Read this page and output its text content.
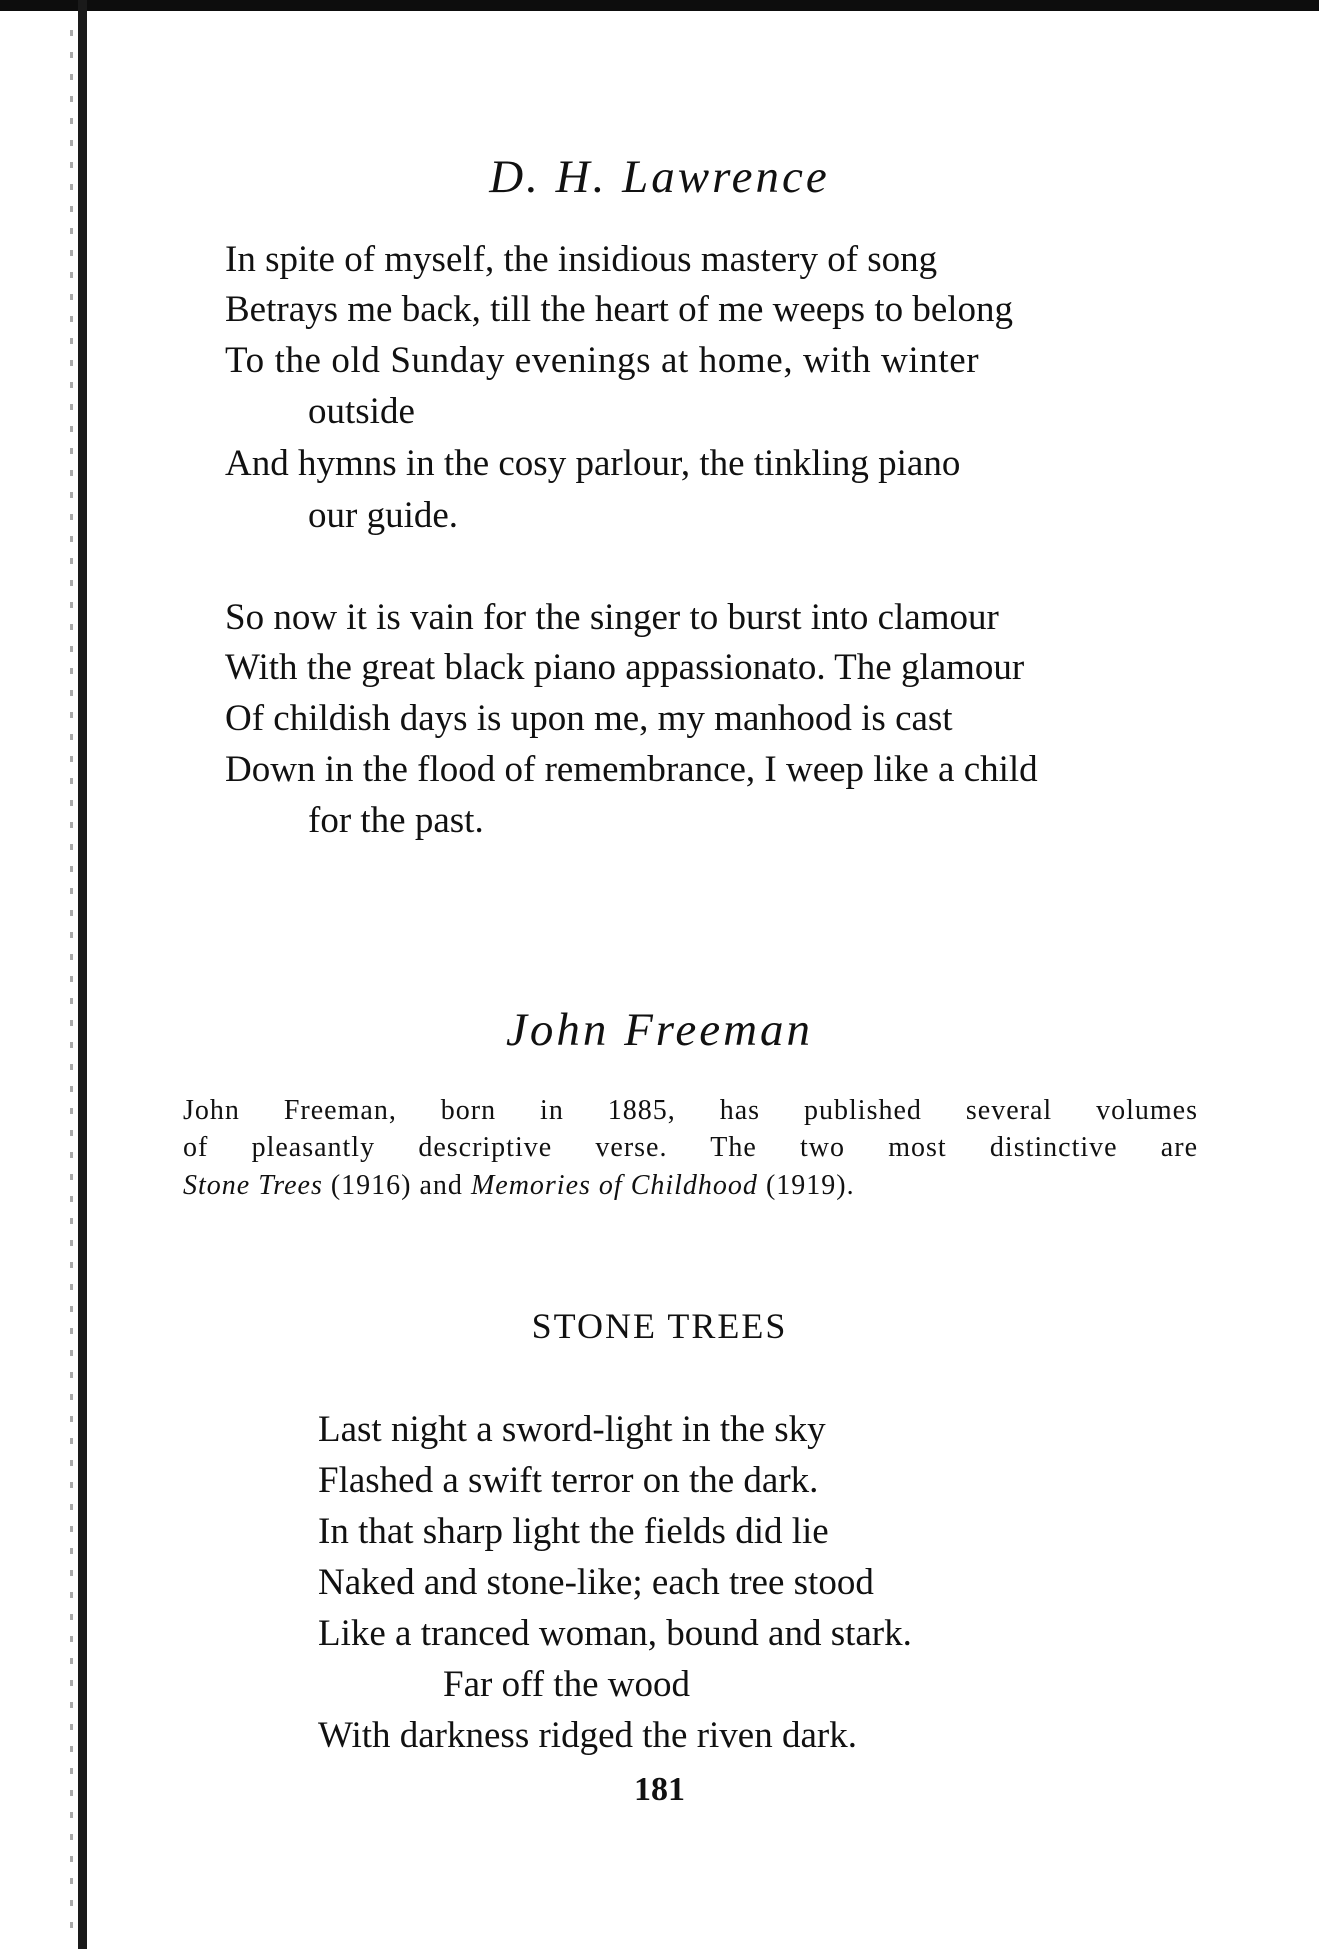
D. H. Lawrence
In spite of myself, the insidious mastery of song
Betrays me back, till the heart of me weeps to belong
To the old Sunday evenings at home, with winter
outside
And hymns in the cosy parlour, the tinkling piano
our guide.
So now it is vain for the singer to burst into clamour
With the great black piano appassionato. The glamour
Of childish days is upon me, my manhood is cast
Down in the flood of remembrance, I weep like a child
for the past.
John Freeman
John Freeman, born in 1885, has published several volumes
of pleasantly descriptive verse. The two most distinctive are
Stone Trees (1916) and Memories of Childhood (1919).
STONE TREES
Last night a sword-light in the sky
Flashed a swift terror on the dark.
In that sharp light the fields did lie
Naked and stone-like; each tree stood
Like a tranced woman, bound and stark.
Far off the wood
With darkness ridged the riven dark.
181
